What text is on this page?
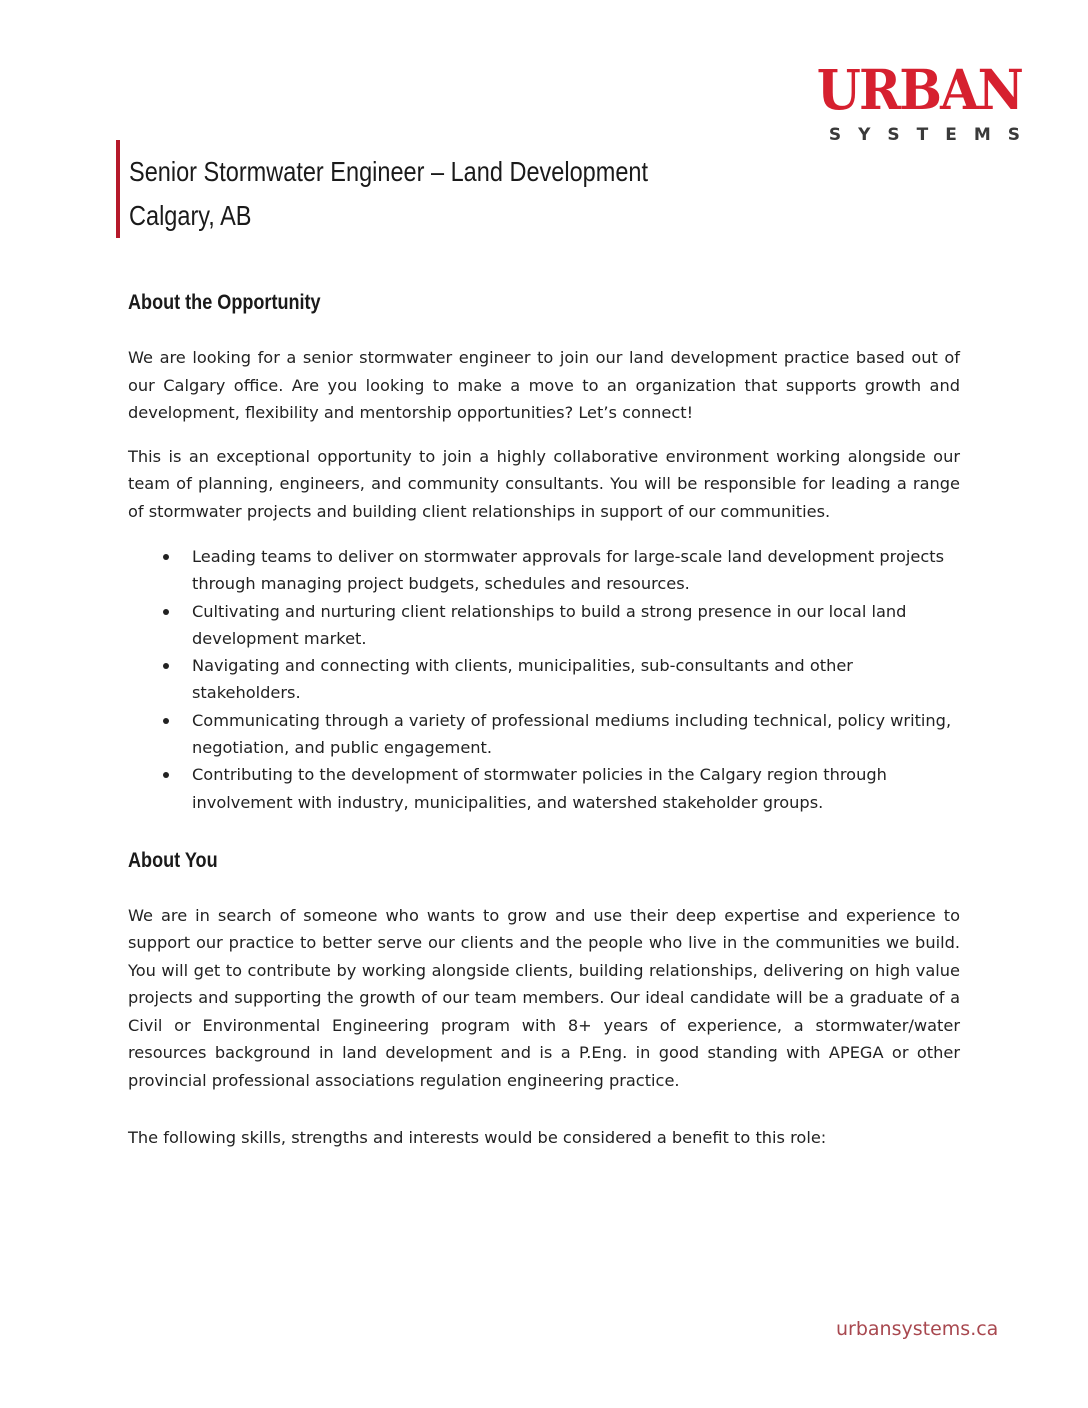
URBAN
SYSTEMS
Senior Stormwater Engineer – Land Development
Calgary, AB
About the Opportunity

We are looking for a senior stormwater engineer to join our land development practice based out of our Calgary office. Are you looking to make a move to an organization that supports growth and development, flexibility and mentorship opportunities? Let’s connect!

This is an exceptional opportunity to join a highly collaborative environment working alongside our team of planning, engineers, and community consultants. You will be responsible for leading a range of stormwater projects and building client relationships in support of our communities.

Leading teams to deliver on stormwater approvals for large-scale land development projects through managing project budgets, schedules and resources.
Cultivating and nurturing client relationships to build a strong presence in our local land development market.
Navigating and connecting with clients, municipalities, sub-consultants and other stakeholders.
Communicating through a variety of professional mediums including technical, policy writing, negotiation, and public engagement.
Contributing to the development of stormwater policies in the Calgary region through involvement with industry, municipalities, and watershed stakeholder groups.
About You

We are in search of someone who wants to grow and use their deep expertise and experience to support our practice to better serve our clients and the people who live in the communities we build. You will get to contribute by working alongside clients, building relationships, delivering on high value projects and supporting the growth of our team members. Our ideal candidate will be a graduate of a Civil or Environmental Engineering program with 8+ years of experience, a stormwater/water resources background in land development and is a P.Eng. in good standing with APEGA or other provincial professional associations regulation engineering practice.

The following skills, strengths and interests would be considered a benefit to this role:

urbansystems.ca
